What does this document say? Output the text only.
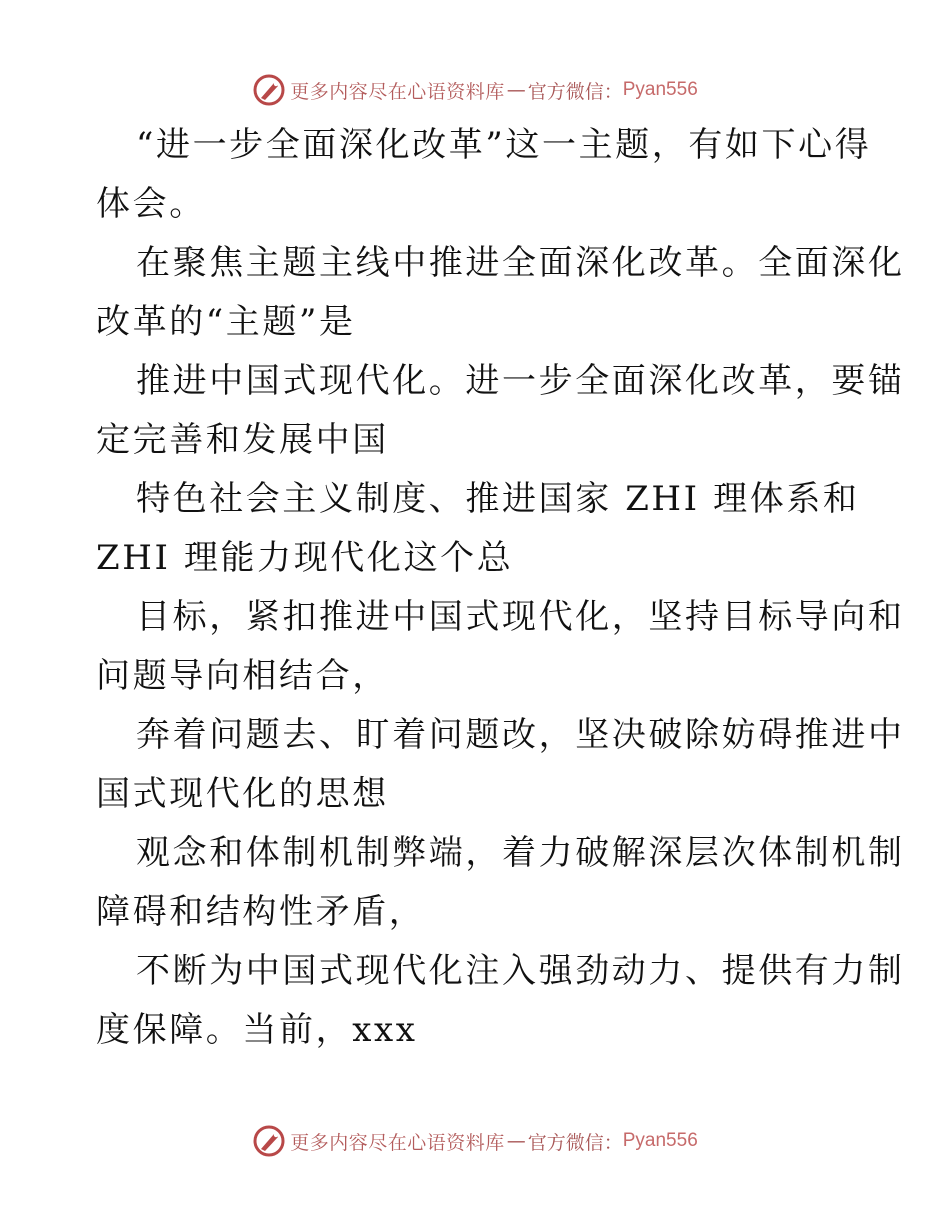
更多内容尽在心语资料库 — 官方微信： Pyan556
“进一步全面深化改革”这一主题，有如下心得
体会。
在聚焦主题主线中推进全面深化改革。全面深化
改革的“主题”是
推进中国式现代化。进一步全面深化改革，要锚
定完善和发展中国
特色社会主义制度、推进国家 ZHI 理体系和
ZHI 理能力现代化这个总
目标，紧扣推进中国式现代化，坚持目标导向和
问题导向相结合，
奔着问题去、盯着问题改，坚决破除妨碍推进中
国式现代化的思想
观念和体制机制弊端，着力破解深层次体制机制
障碍和结构性矛盾，
不断为中国式现代化注入强劲动力、提供有力制
度保障。当前，xxx
更多内容尽在心语资料库 — 官方微信： Pyan556
